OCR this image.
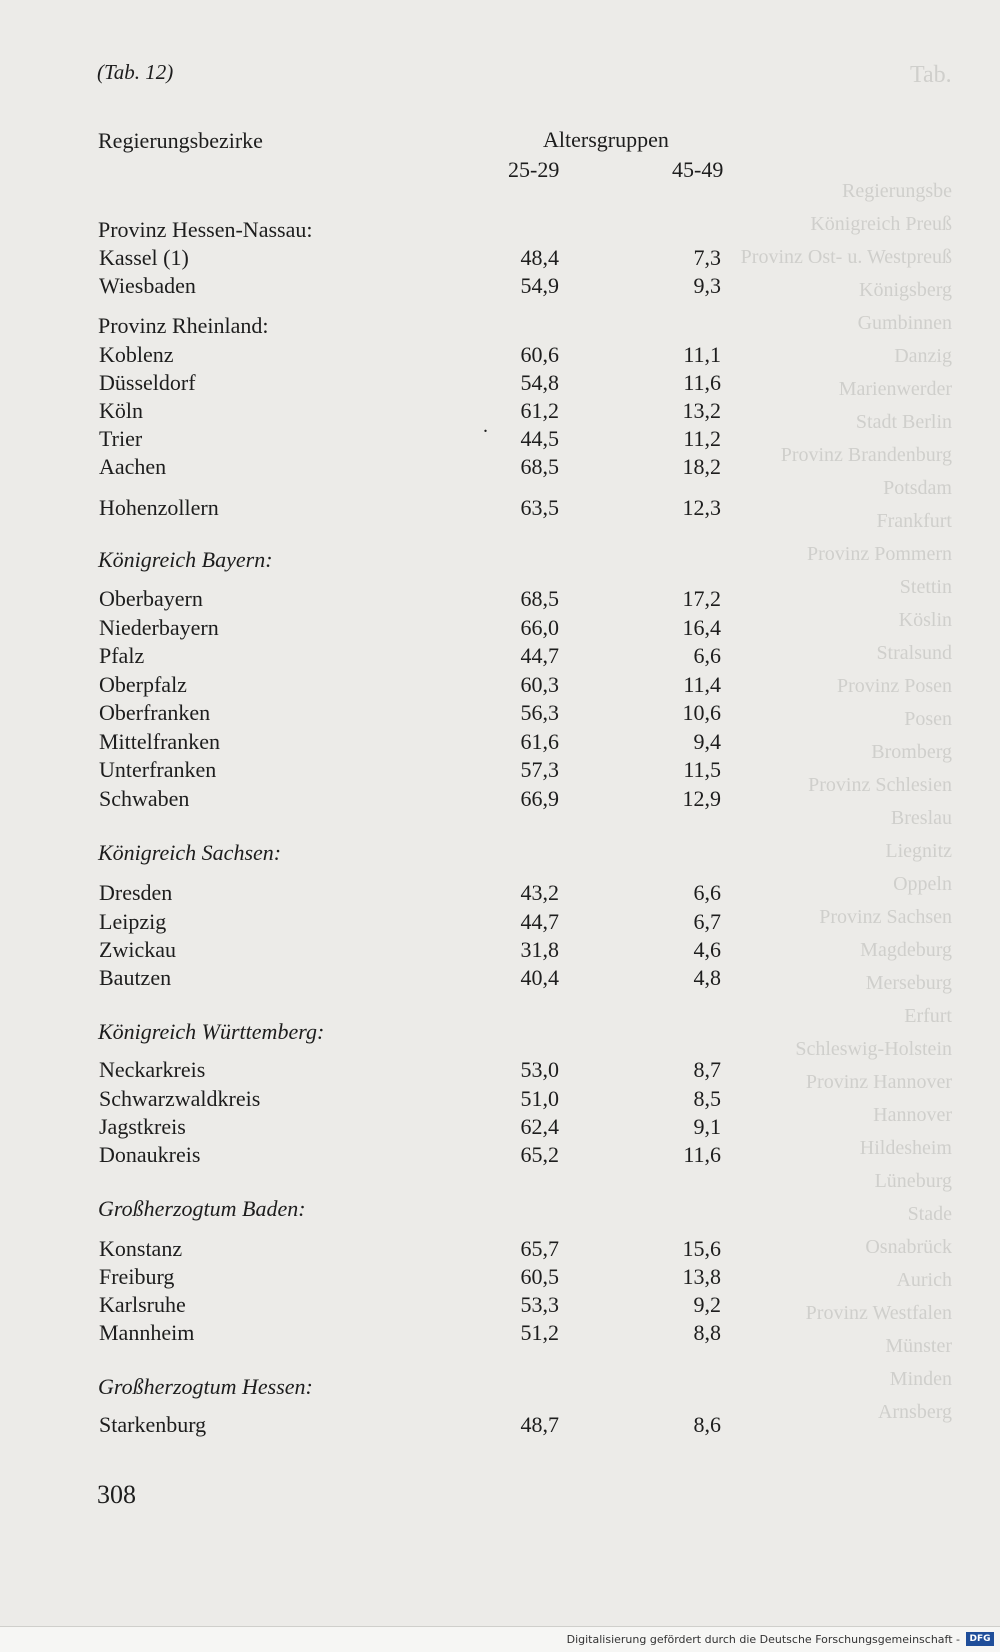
Tab.
Regierungsbe
Königreich Preuß
Provinz Ost- u. Westpreuß
Königsberg
Gumbinnen
Danzig
Marienwerder
Stadt Berlin
Provinz Brandenburg
Potsdam
Frankfurt
Provinz Pommern
Stettin
Köslin
Stralsund
Provinz Posen
Posen
Bromberg
Provinz Schlesien
Breslau
Liegnitz
Oppeln
Provinz Sachsen
Magdeburg
Merseburg
Erfurt
Schleswig-Holstein
Provinz Hannover
Hannover
Hildesheim
Lüneburg
Stade
Osnabrück
Aurich
Provinz Westfalen
Münster
Minden
Arnsberg
(Tab. 12)
Regierungsbezirke	Altersgruppen
25-29	45-49
Provinz Hessen-Nassau:
Kassel (1)	48,4	7,3
Wiesbaden	54,9	9,3
Provinz Rheinland:
Koblenz	60,6	11,1
Düsseldorf	54,8	11,6
Köln	61,2	13,2
Trier	44,5	11,2
Aachen	68,5	18,2
Hohenzollern	63,5	12,3
Königreich Bayern:
Oberbayern	68,5	17,2
Niederbayern	66,0	16,4
Pfalz	44,7	6,6
Oberpfalz	60,3	11,4
Oberfranken	56,3	10,6
Mittelfranken	61,6	9,4
Unterfranken	57,3	11,5
Schwaben	66,9	12,9
Königreich Sachsen:
Dresden	43,2	6,6
Leipzig	44,7	6,7
Zwickau	31,8	4,6
Bautzen	40,4	4,8
Königreich Württemberg:
Neckarkreis	53,0	8,7
Schwarzwaldkreis	51,0	8,5
Jagstkreis	62,4	9,1
Donaukreis	65,2	11,6
Großherzogtum Baden:
Konstanz	65,7	15,6
Freiburg	60,5	13,8
Karlsruhe	53,3	9,2
Mannheim	51,2	8,8
Großherzogtum Hessen:
Starkenburg	48,7	8,6
.
308
Digitalisierung gefördert durch die Deutsche Forschungsgemeinschaft -	DFG
